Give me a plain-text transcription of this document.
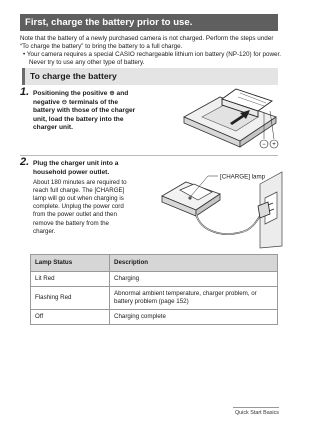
First, charge the battery prior to use.

Note that the battery of a newly purchased camera is not charged. Perform the steps under “To charge the battery” to bring the battery to a full charge.

• Your camera requires a special CASIO rechargeable lithium ion battery (NP-120) for power. Never try to use any other type of battery.

To charge the battery
1. Positioning the positive ⊕ and
negative ⊖ terminals of the
battery with those of the charger
unit, load the battery into the
charger unit.
− +
2. Plug the charger unit into a
household power outlet.
About 180 minutes are required to
reach full charge. The [CHARGE]
lamp will go out when charging is
complete. Unplug the power cord
from the power outlet and then
remove the battery from the
charger.
[CHARGE] lamp
Lamp Status	Description
Lit Red	Charging
Flashing Red	Abnormal ambient temperature, charger problem, or
battery problem (page 152)

Off	Charging complete
Quick Start Basics
